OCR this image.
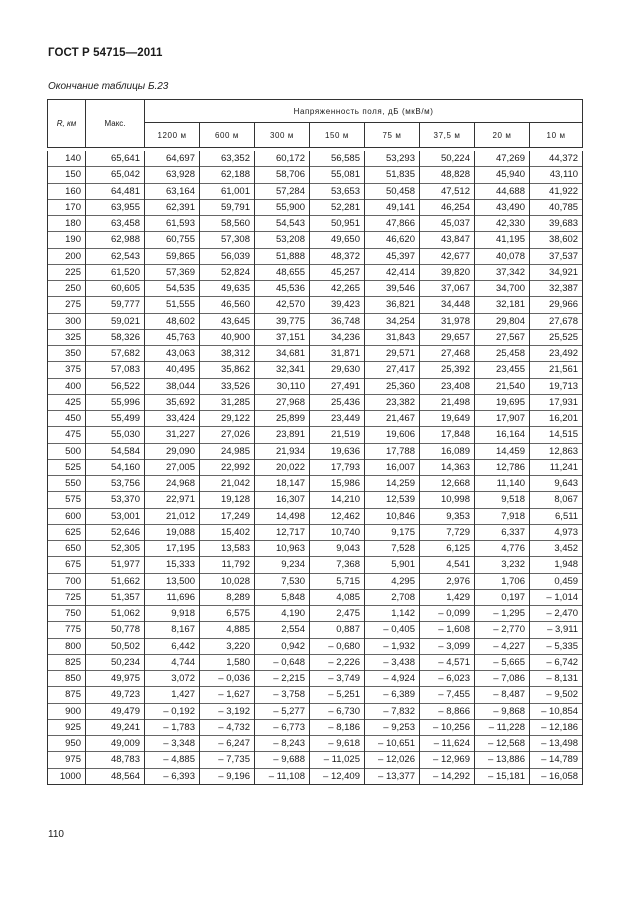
ГОСТ Р 54715—2011
Окончание таблицы Б.23
R, км	Макс.	Напряженность поля, дБ (мкВ/м)							
		1200 м	600 м	300 м	150 м	75 м	37,5 м	20 м	10 м

140	65,641	64,697	63,352	60,172	56,585	53,293	50,224	47,269	44,372
150	65,042	63,928	62,188	58,706	55,081	51,835	48,828	45,940	43,110
160	64,481	63,164	61,001	57,284	53,653	50,458	47,512	44,688	41,922
170	63,955	62,391	59,791	55,900	52,281	49,141	46,254	43,490	40,785
180	63,458	61,593	58,560	54,543	50,951	47,866	45,037	42,330	39,683
190	62,988	60,755	57,308	53,208	49,650	46,620	43,847	41,195	38,602
200	62,543	59,865	56,039	51,888	48,372	45,397	42,677	40,078	37,537
225	61,520	57,369	52,824	48,655	45,257	42,414	39,820	37,342	34,921
250	60,605	54,535	49,635	45,536	42,265	39,546	37,067	34,700	32,387
275	59,777	51,555	46,560	42,570	39,423	36,821	34,448	32,181	29,966
300	59,021	48,602	43,645	39,775	36,748	34,254	31,978	29,804	27,678
325	58,326	45,763	40,900	37,151	34,236	31,843	29,657	27,567	25,525
350	57,682	43,063	38,312	34,681	31,871	29,571	27,468	25,458	23,492
375	57,083	40,495	35,862	32,341	29,630	27,417	25,392	23,455	21,561
400	56,522	38,044	33,526	30,110	27,491	25,360	23,408	21,540	19,713
425	55,996	35,692	31,285	27,968	25,436	23,382	21,498	19,695	17,931
450	55,499	33,424	29,122	25,899	23,449	21,467	19,649	17,907	16,201
475	55,030	31,227	27,026	23,891	21,519	19,606	17,848	16,164	14,515
500	54,584	29,090	24,985	21,934	19,636	17,788	16,089	14,459	12,863
525	54,160	27,005	22,992	20,022	17,793	16,007	14,363	12,786	11,241
550	53,756	24,968	21,042	18,147	15,986	14,259	12,668	11,140	9,643
575	53,370	22,971	19,128	16,307	14,210	12,539	10,998	9,518	8,067
600	53,001	21,012	17,249	14,498	12,462	10,846	9,353	7,918	6,511
625	52,646	19,088	15,402	12,717	10,740	9,175	7,729	6,337	4,973
650	52,305	17,195	13,583	10,963	9,043	7,528	6,125	4,776	3,452
675	51,977	15,333	11,792	9,234	7,368	5,901	4,541	3,232	1,948
700	51,662	13,500	10,028	7,530	5,715	4,295	2,976	1,706	0,459
725	51,357	11,696	8,289	5,848	4,085	2,708	1,429	0,197	– 1,014
750	51,062	9,918	6,575	4,190	2,475	1,142	– 0,099	– 1,295	– 2,470
775	50,778	8,167	4,885	2,554	0,887	– 0,405	– 1,608	– 2,770	– 3,911
800	50,502	6,442	3,220	0,942	– 0,680	– 1,932	– 3,099	– 4,227	– 5,335
825	50,234	4,744	1,580	– 0,648	– 2,226	– 3,438	– 4,571	– 5,665	– 6,742
850	49,975	3,072	– 0,036	– 2,215	– 3,749	– 4,924	– 6,023	– 7,086	– 8,131
875	49,723	1,427	– 1,627	– 3,758	– 5,251	– 6,389	– 7,455	– 8,487	– 9,502
900	49,479	– 0,192	– 3,192	– 5,277	– 6,730	– 7,832	– 8,866	– 9,868	– 10,854
925	49,241	– 1,783	– 4,732	– 6,773	– 8,186	– 9,253	– 10,256	– 11,228	– 12,186
950	49,009	– 3,348	– 6,247	– 8,243	– 9,618	– 10,651	– 11,624	– 12,568	– 13,498
975	48,783	– 4,885	– 7,735	– 9,688	– 11,025	– 12,026	– 12,969	– 13,886	– 14,789
1000	48,564	– 6,393	– 9,196	– 11,108	– 12,409	– 13,377	– 14,292	– 15,181	– 16,058
110
